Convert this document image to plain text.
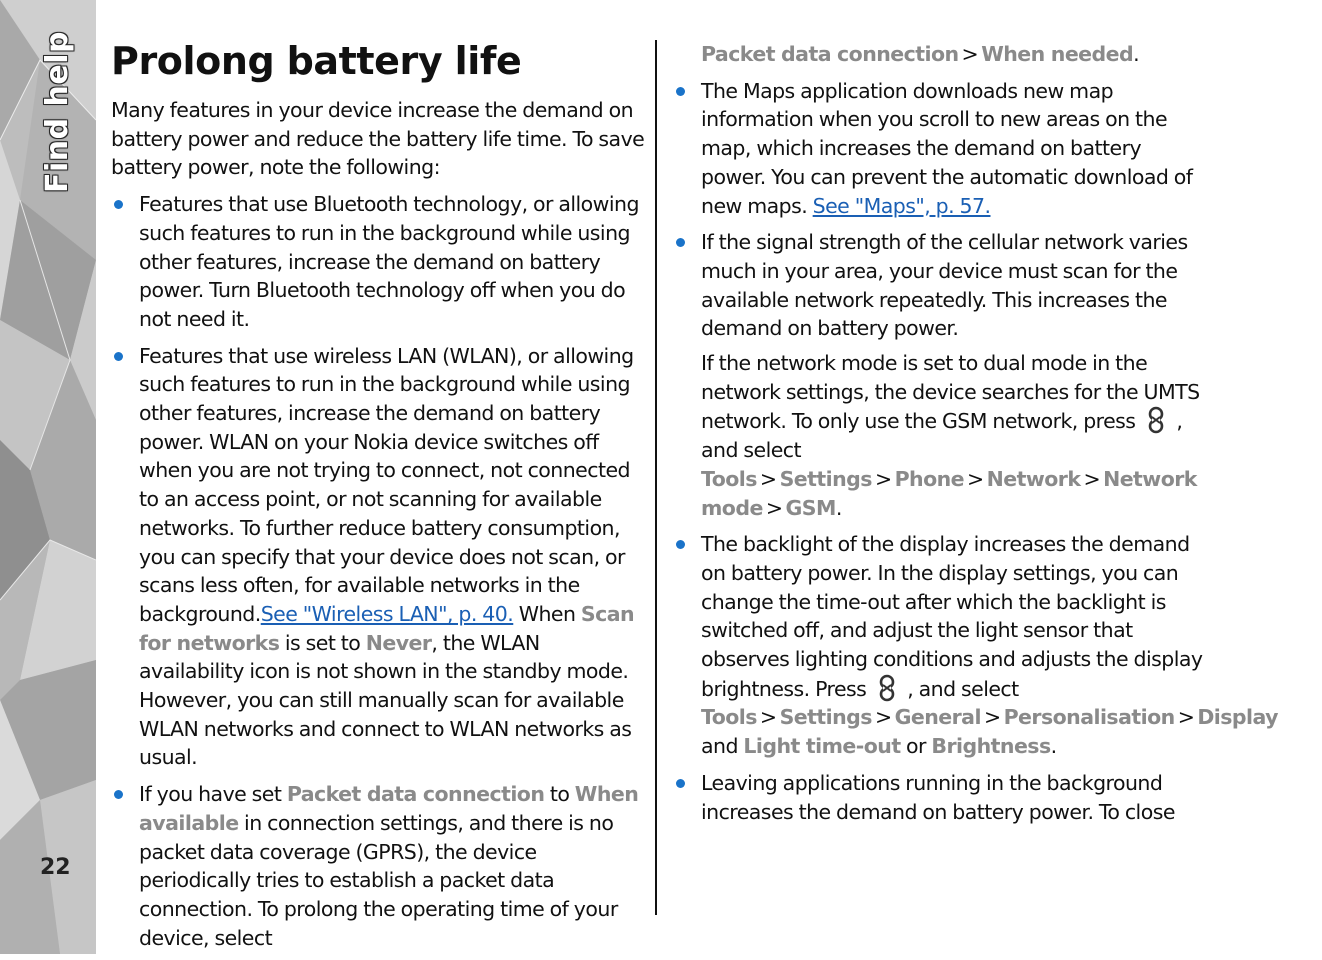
Find help
22
Prolong battery life

Many features in your device increase the demand on battery power and reduce the battery life time. To save battery power, note the following:

Features that use Bluetooth technology, or allowing such features to run in the background while using other features, increase the demand on battery power. Turn Bluetooth technology off when you do not need it.
Features that use wireless LAN (WLAN), or allowing such features to run in the background while using other features, increase the demand on battery power. WLAN on your Nokia device switches off when you are not trying to connect, not connected to an access point, or not scanning for available networks. To further reduce battery consumption, you can specify that your device does not scan, or scans less often, for available networks in the background.See "Wireless LAN", p. 40. When Scan for networks is set to Never, the WLAN availability icon is not shown in the standby mode. However, you can still manually scan for available WLAN networks and connect to WLAN networks as usual.
If you have set Packet data connection to When available in connection settings, and there is no packet data coverage (GPRS), the device periodically tries to establish a packet data connection. To prolong the operating time of your device, select
Packet data connection > When needed.
The Maps application downloads new map information when you scroll to new areas on the map, which increases the demand on battery power. You can prevent the automatic download of new maps. See "Maps", p. 57.
If the signal strength of the cellular network varies much in your area, your device must scan for the available network repeatedly. This increases the demand on battery power.

If the network mode is set to dual mode in the network settings, the device searches for the UMTS network. To only use the GSM network, press  , and select Tools > Settings > Phone > Network > Network mode > GSM.

The backlight of the display increases the demand on battery power. In the display settings, you can change the time-out after which the backlight is switched off, and adjust the light sensor that observes lighting conditions and adjusts the display brightness. Press  , and select Tools > Settings > General > Personalisation > Display and Light time-out or Brightness.
Leaving applications running in the background increases the demand on battery power. To close
